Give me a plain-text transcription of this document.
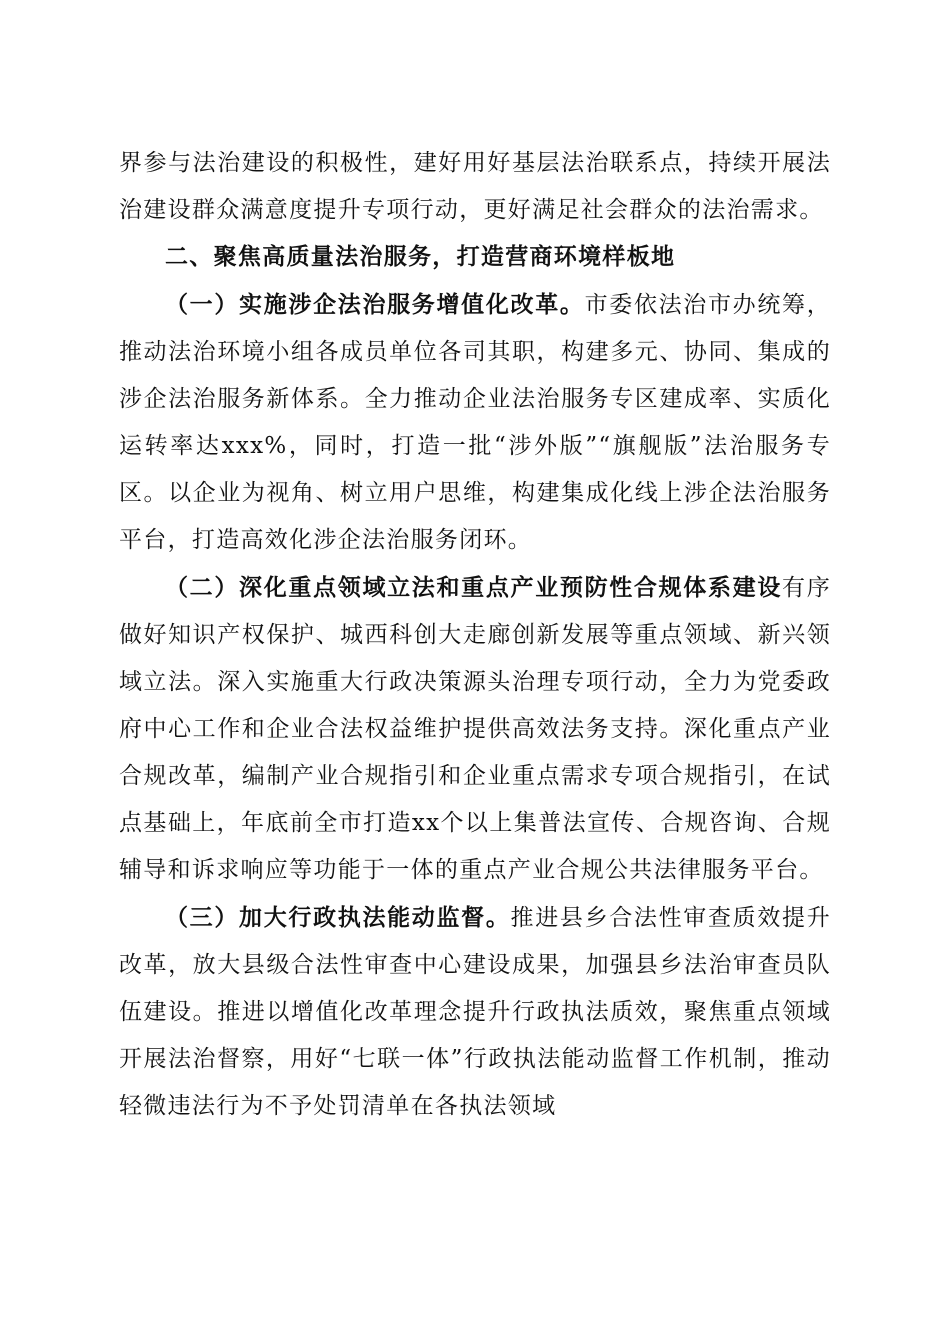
界参与法治建设的积极性，建好用好基层法治联系点，持续开展法治建设群众满意度提升专项行动，更好满足社会群众的法治需求。

二、聚焦高质量法治服务，打造营商环境样板地

（一）实施涉企法治服务增值化改革。市委依法治市办统筹，推动法治环境小组各成员单位各司其职，构建多元、协同、集成的涉企法治服务新体系。全力推动企业法治服务专区建成率、实质化运转率达xxx%，同时，打造一批“涉外版”“旗舰版”法治服务专区。以企业为视角、树立用户思维，构建集成化线上涉企法治服务平台，打造高效化涉企法治服务闭环。

（二）深化重点领域立法和重点产业预防性合规体系建设有序做好知识产权保护、城西科创大走廊创新发展等重点领域、新兴领域立法。深入实施重大行政决策源头治理专项行动，全力为党委政府中心工作和企业合法权益维护提供高效法务支持。深化重点产业合规改革，编制产业合规指引和企业重点需求专项合规指引，在试点基础上，年底前全市打造xx个以上集普法宣传、合规咨询、合规辅导和诉求响应等功能于一体的重点产业合规公共法律服务平台。

（三）加大行政执法能动监督。推进县乡合法性审查质效提升改革，放大县级合法性审查中心建设成果，加强县乡法治审查员队伍建设。推进以增值化改革理念提升行政执法质效，聚焦重点领域开展法治督察，用好“七联一体”行政执法能动监督工作机制，推动轻微违法行为不予处罚清单在各执法领域
